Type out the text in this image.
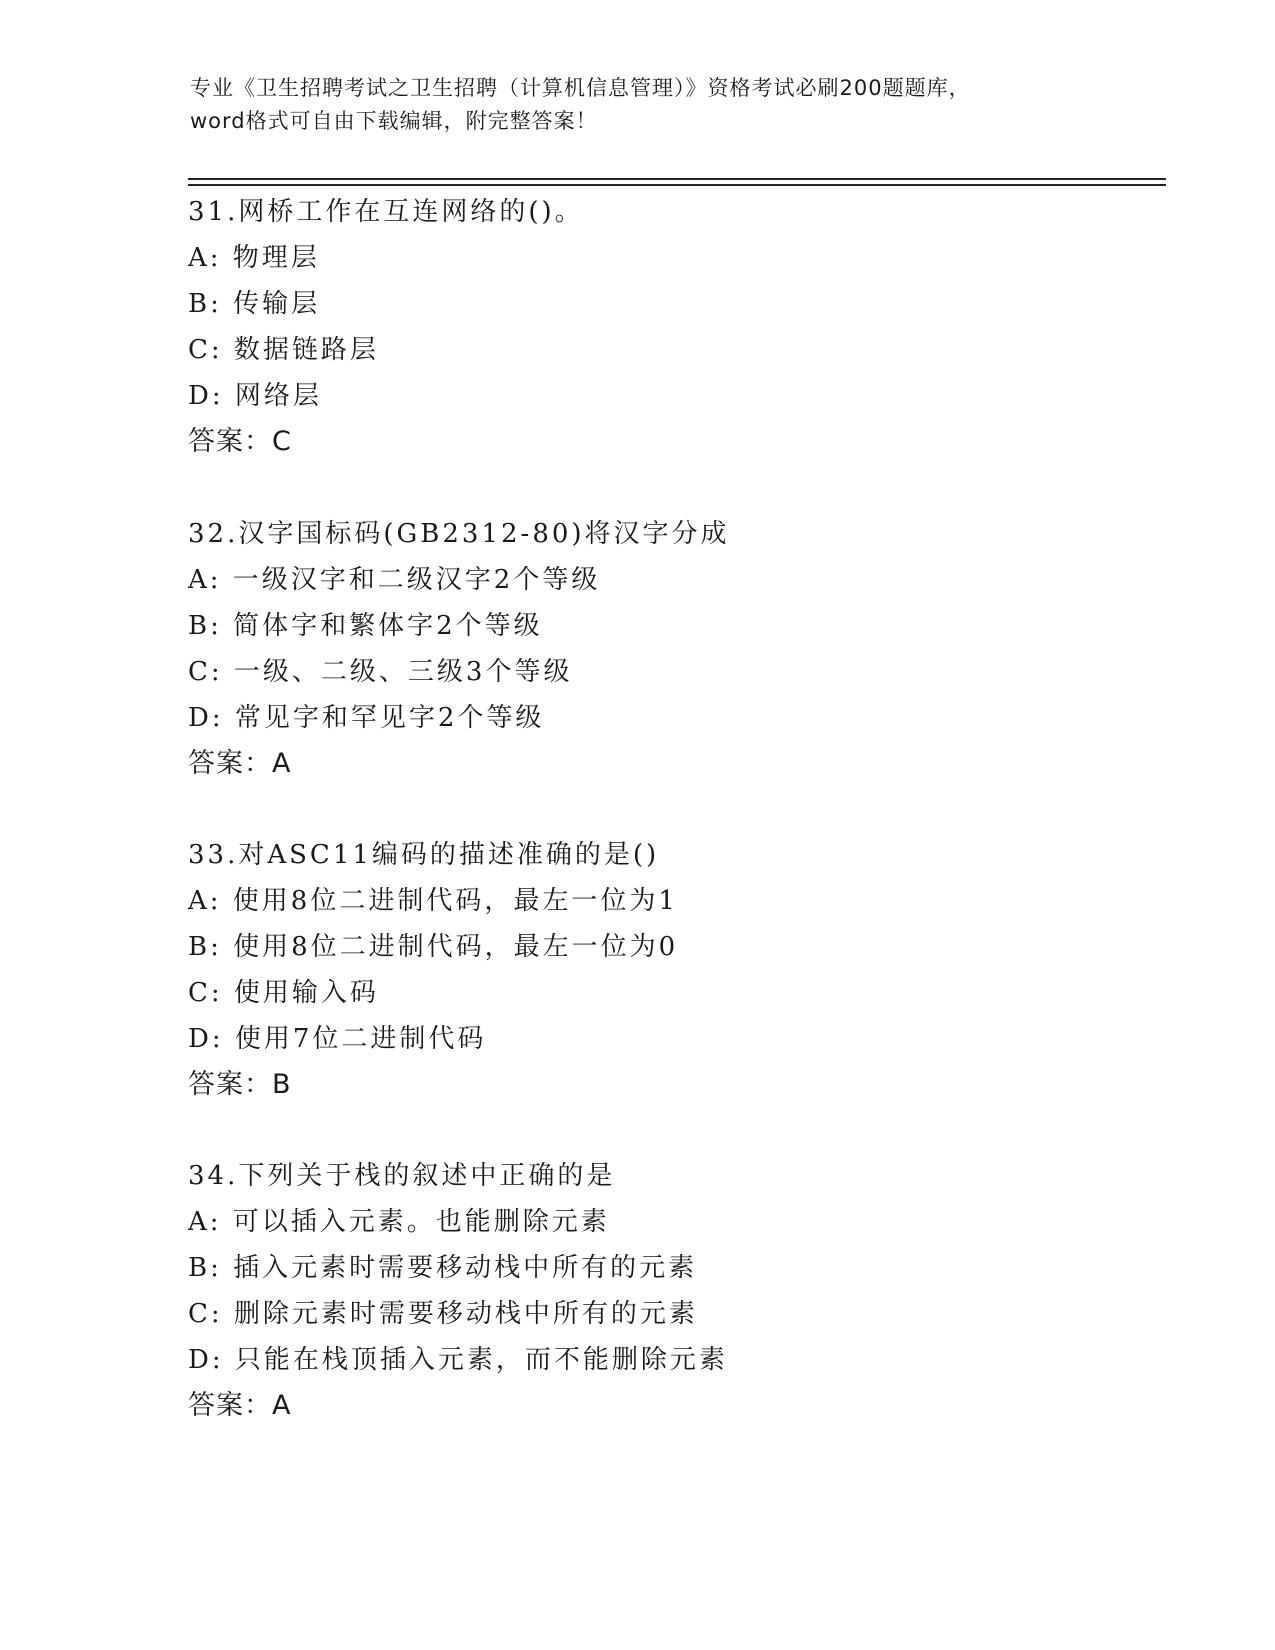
专业《卫生招聘考试之卫生招聘（计算机信息管理）》资格考试必刷200题题库，
word格式可自由下载编辑，附完整答案！
31.网桥工作在互连网络的()。
A: 物理层
B: 传输层
C: 数据链路层
D: 网络层
答案：C
32.汉字国标码(GB2312-80)将汉字分成
A: 一级汉字和二级汉字2个等级
B: 简体字和繁体字2个等级
C: 一级、二级、三级3个等级
D: 常见字和罕见字2个等级
答案：A
33.对ASC11编码的描述准确的是()
A: 使用8位二进制代码，最左一位为1
B: 使用8位二进制代码，最左一位为0
C: 使用输入码
D: 使用7位二进制代码
答案：B
34.下列关于栈的叙述中正确的是
A: 可以插入元素。也能删除元素
B: 插入元素时需要移动栈中所有的元素
C: 删除元素时需要移动栈中所有的元素
D: 只能在栈顶插入元素，而不能删除元素
答案：A
